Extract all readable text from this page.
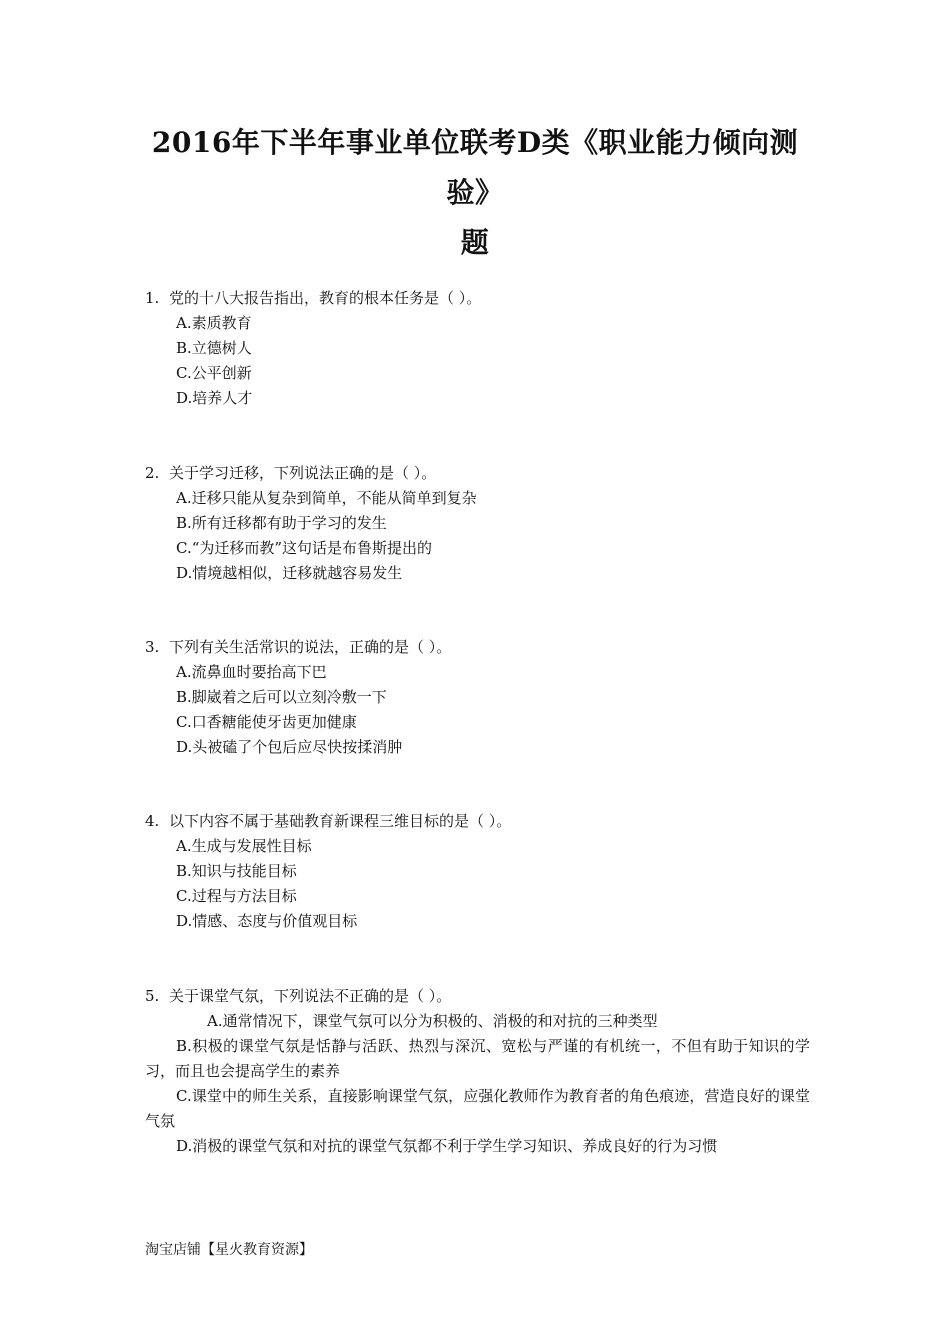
2016年下半年事业单位联考D类《职业能力倾向测验》
题
1. 党的十八大报告指出，教育的根本任务是（ ）。
A.素质教育
B.立德树人
C.公平创新
D.培养人才
2. 关于学习迁移，下列说法正确的是（ ）。
A.迁移只能从复杂到简单，不能从简单到复杂
B.所有迁移都有助于学习的发生
C.“为迁移而教”这句话是布鲁斯提出的
D.情境越相似，迁移就越容易发生
3. 下列有关生活常识的说法，正确的是（ ）。
A.流鼻血时要抬高下巴
B.脚崴着之后可以立刻冷敷一下
C.口香糖能使牙齿更加健康
D.头被磕了个包后应尽快按揉消肿
4. 以下内容不属于基础教育新课程三维目标的是（ ）。
A.生成与发展性目标
B.知识与技能目标
C.过程与方法目标
D.情感、态度与价值观目标
5. 关于课堂气氛，下列说法不正确的是（ ）。
A.通常情况下，课堂气氛可以分为积极的、消极的和对抗的三种类型
B.积极的课堂气氛是恬静与活跃、热烈与深沉、宽松与严谨的有机统一，不但有助于知识的学习，而且也会提高学生的素养
C.课堂中的师生关系，直接影响课堂气氛，应强化教师作为教育者的角色痕迹，营造良好的课堂气氛
D.消极的课堂气氛和对抗的课堂气氛都不利于学生学习知识、养成良好的行为习惯
淘宝店铺【星火教育资源】
